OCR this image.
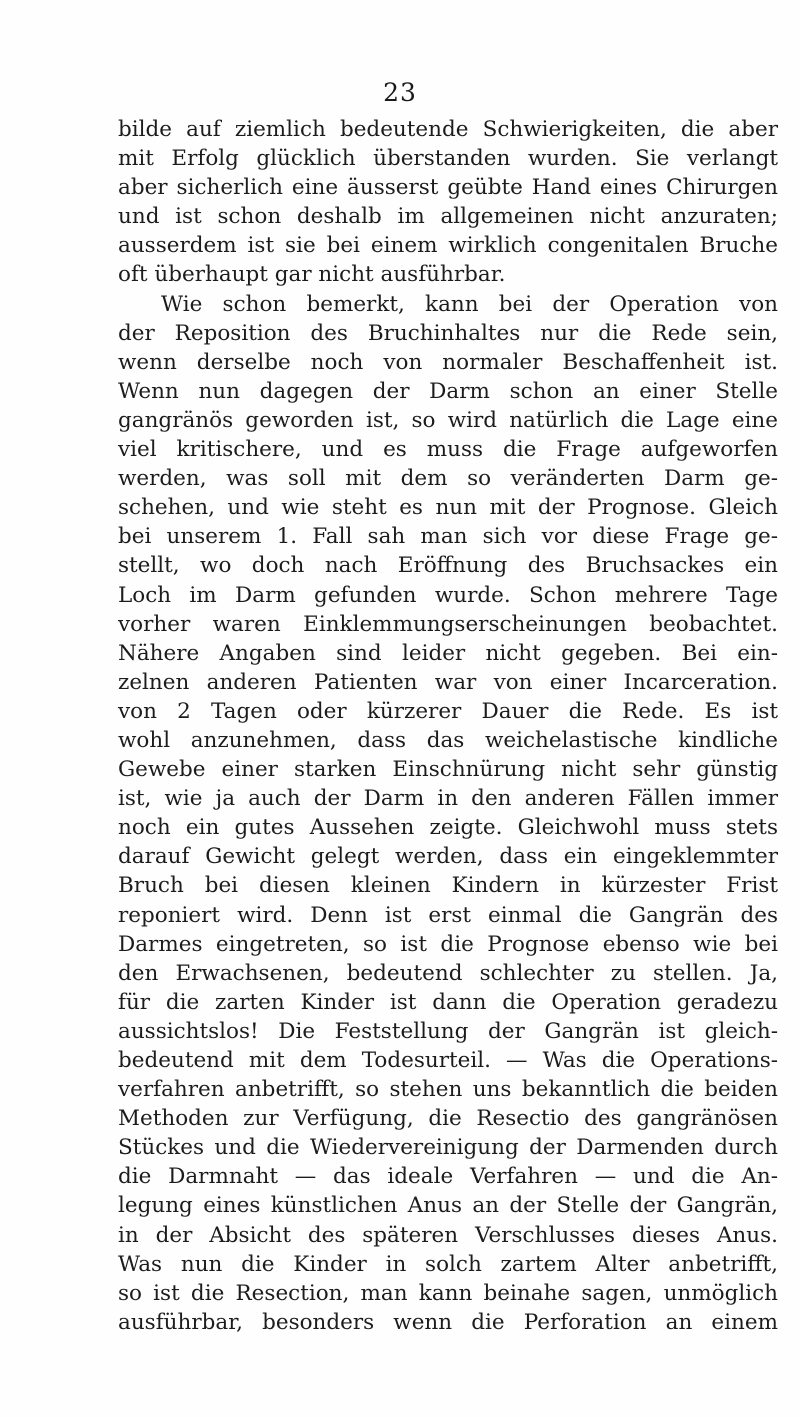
23
bilde auf ziemlich bedeutende Schwierigkeiten, die aber
mit Erfolg glücklich überstanden wurden. Sie verlangt
aber sicherlich eine äusserst geübte Hand eines Chirurgen
und ist schon deshalb im allgemeinen nicht anzuraten;
ausserdem ist sie bei einem wirklich congenitalen Bruche
oft überhaupt gar nicht ausführbar.
Wie schon bemerkt, kann bei der Operation von
der Reposition des Bruchinhaltes nur die Rede sein,
wenn derselbe noch von normaler Beschaffenheit ist.
Wenn nun dagegen der Darm schon an einer Stelle
gangränös geworden ist, so wird natürlich die Lage eine
viel kritischere, und es muss die Frage aufgeworfen
werden, was soll mit dem so veränderten Darm ge-
schehen, und wie steht es nun mit der Prognose. Gleich
bei unserem 1. Fall sah man sich vor diese Frage ge-
stellt, wo doch nach Eröffnung des Bruchsackes ein
Loch im Darm gefunden wurde. Schon mehrere Tage
vorher waren Einklemmungserscheinungen beobachtet.
Nähere Angaben sind leider nicht gegeben. Bei ein-
zelnen anderen Patienten war von einer Incarceration.
von 2 Tagen oder kürzerer Dauer die Rede. Es ist
wohl anzunehmen, dass das weichelastische kindliche
Gewebe einer starken Einschnürung nicht sehr günstig
ist, wie ja auch der Darm in den anderen Fällen immer
noch ein gutes Aussehen zeigte. Gleichwohl muss stets
darauf Gewicht gelegt werden, dass ein eingeklemmter
Bruch bei diesen kleinen Kindern in kürzester Frist
reponiert wird. Denn ist erst einmal die Gangrän des
Darmes eingetreten, so ist die Prognose ebenso wie bei
den Erwachsenen, bedeutend schlechter zu stellen. Ja,
für die zarten Kinder ist dann die Operation geradezu
aussichtslos! Die Feststellung der Gangrän ist gleich-
bedeutend mit dem Todesurteil. — Was die Operations-
verfahren anbetrifft, so stehen uns bekanntlich die beiden
Methoden zur Verfügung, die Resectio des gangränösen
Stückes und die Wiedervereinigung der Darmenden durch
die Darmnaht — das ideale Verfahren — und die An-
legung eines künstlichen Anus an der Stelle der Gangrän,
in der Absicht des späteren Verschlusses dieses Anus.
Was nun die Kinder in solch zartem Alter anbetrifft,
so ist die Resection, man kann beinahe sagen, unmöglich
ausführbar, besonders wenn die Perforation an einem
